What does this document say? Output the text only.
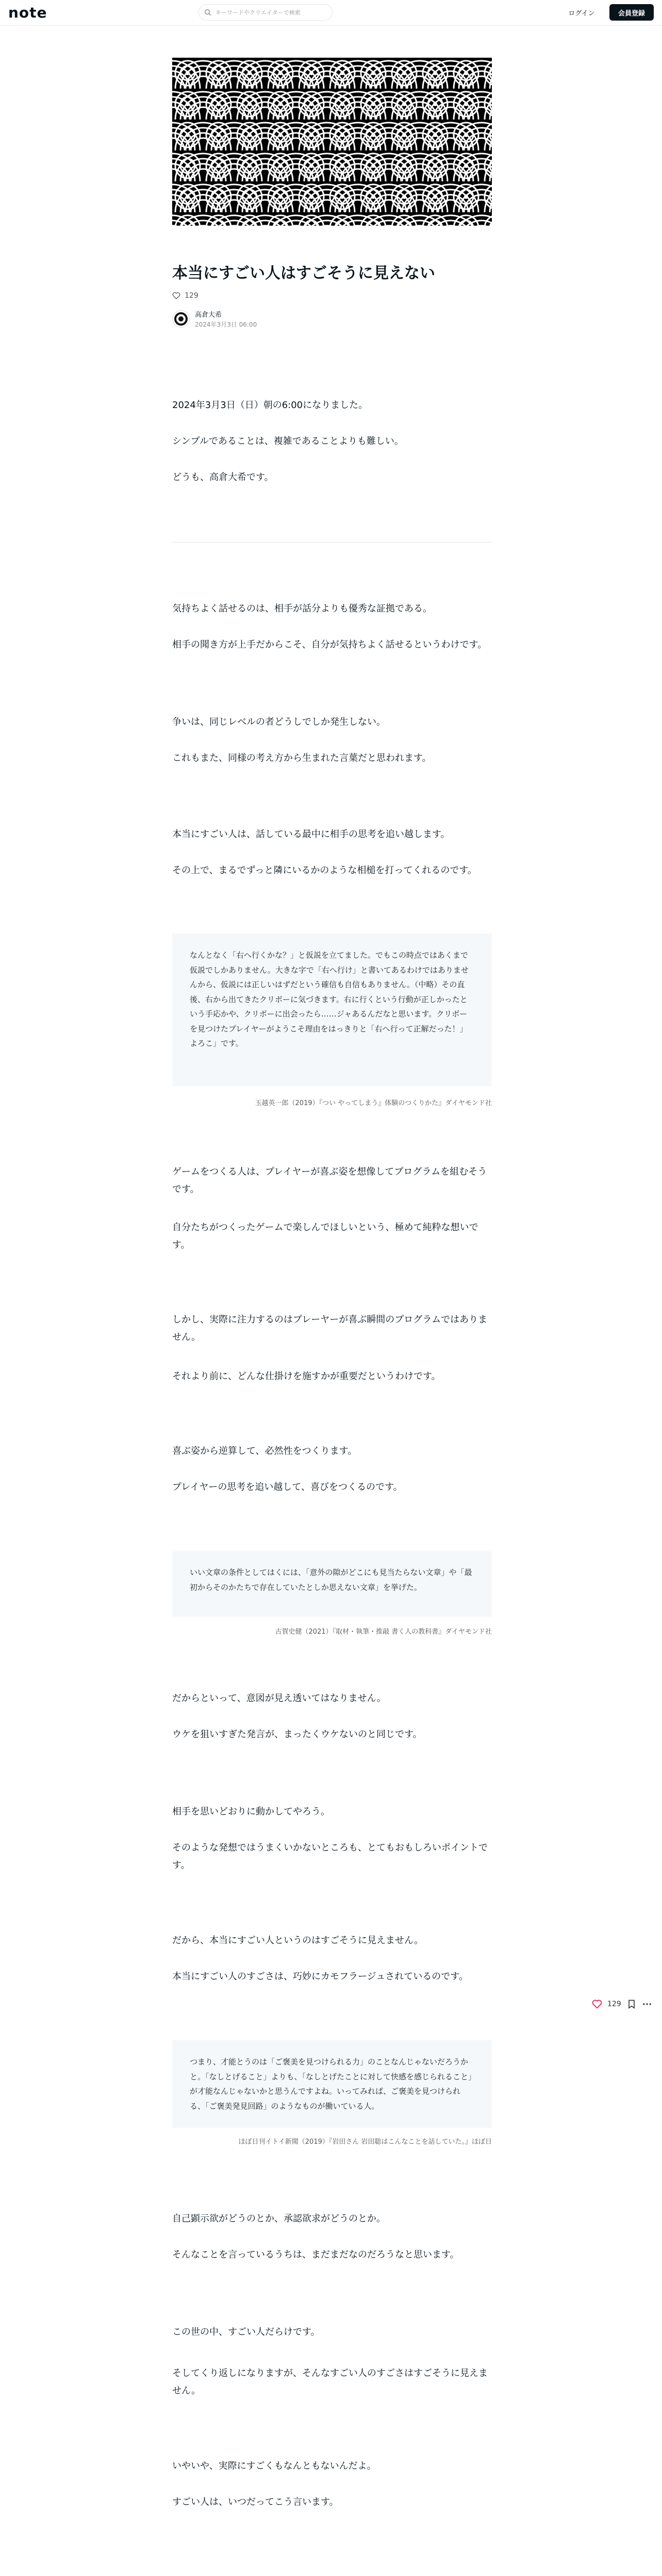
note	キーワードやクリエイターで検索	ログイン	会員登録
本当にすごい人はすごそうに見えない
129
高倉大希
2024年3月3日 06:00

2024年3月3日（日）朝の6:00になりました。

シンプルであることは、複雑であることよりも難しい。

どうも、高倉大希です。

気持ちよく話せるのは、相手が話分よりも優秀な証拠である。

相手の聞き方が上手だからこそ、自分が気持ちよく話せるというわけです。

争いは、同じレベルの者どうしでしか発生しない。

これもまた、同様の考え方から生まれた言葉だと思われます。

本当にすごい人は、話している最中に相手の思考を追い越します。

その上で、まるでずっと隣にいるかのような相槌を打ってくれるのです。

なんとなく「右へ行くかな？」と仮説を立てました。でもこの時点ではあくまで仮説でしかありません。大きな字で「右へ行け」と書いてあるわけではありませんから、仮説には正しいはずだという確信も自信もありません。（中略）その直後、右から出てきたクリボーに気づきます。右に行くという行動が正しかったという手応かや、クリボーに出会ったら……ジャあるんだなと思います。クリボーを見つけたプレイヤーがようこそ理由をはっきりと「右へ行って正解だった！」よろこ」です。
玉越英一郎（2019）『つい やってしまう』体験のつくりかた』ダイヤモンド社

ゲームをつくる人は、プレイヤーが喜ぶ姿を想像してプログラムを組むそうです。

自分たちがつくったゲームで楽しんでほしいという、極めて純粋な想いです。

しかし、実際に注力するのはプレーヤーが喜ぶ瞬間のプログラムではありません。

それより前に、どんな仕掛けを施すかが重要だというわけです。

喜ぶ姿から逆算して、必然性をつくります。

プレイヤーの思考を追い越して、喜びをつくるのです。

いい文章の条件としてはくには、「意外の隙がどこにも見当たらない文章」や「最初からそのかたちで存在していたとしか思えない文章」を挙げた。
古賀史健（2021）『取材・執筆・推敲 書く人の教科書』ダイヤモンド社

だからといって、意図が見え透いてはなりません。

ウケを狙いすぎた発言が、まったくウケないのと同じです。

相手を思いどおりに動かしてやろう。

そのような発想ではうまくいかないところも、とてもおもしろいポイントです。

だから、本当にすごい人というのはすごそうに見えません。

本当にすごい人のすごさは、巧妙にカモフラージュされているのです。

129
つまり、才能とうのは「ご褒美を見つけられる力」のことなんじゃないだろうかと。「なしとげること」よりも、「なしとげたことに対して快感を感じられること」が才能なんじゃないかと思うんですよね。いってみれば、ご褒美を見つけられる、「ご褒美発見回路」のようなものが働いている人。
ほぼ日刊イトイ新聞（2019）『岩田さん 岩田聡はこんなことを話していた。』ほぼ日

自己顕示欲がどうのとか、承認欲求がどうのとか。

そんなことを言っているうちは、まだまだなのだろうなと思います。

この世の中、すごい人だらけです。

そしてくり返しになりますが、そんなすごい人のすごさはすごそうに見えません。

いやいや、実際にすごくもなんともないんだよ。

すごい人は、いつだってこう言います。
